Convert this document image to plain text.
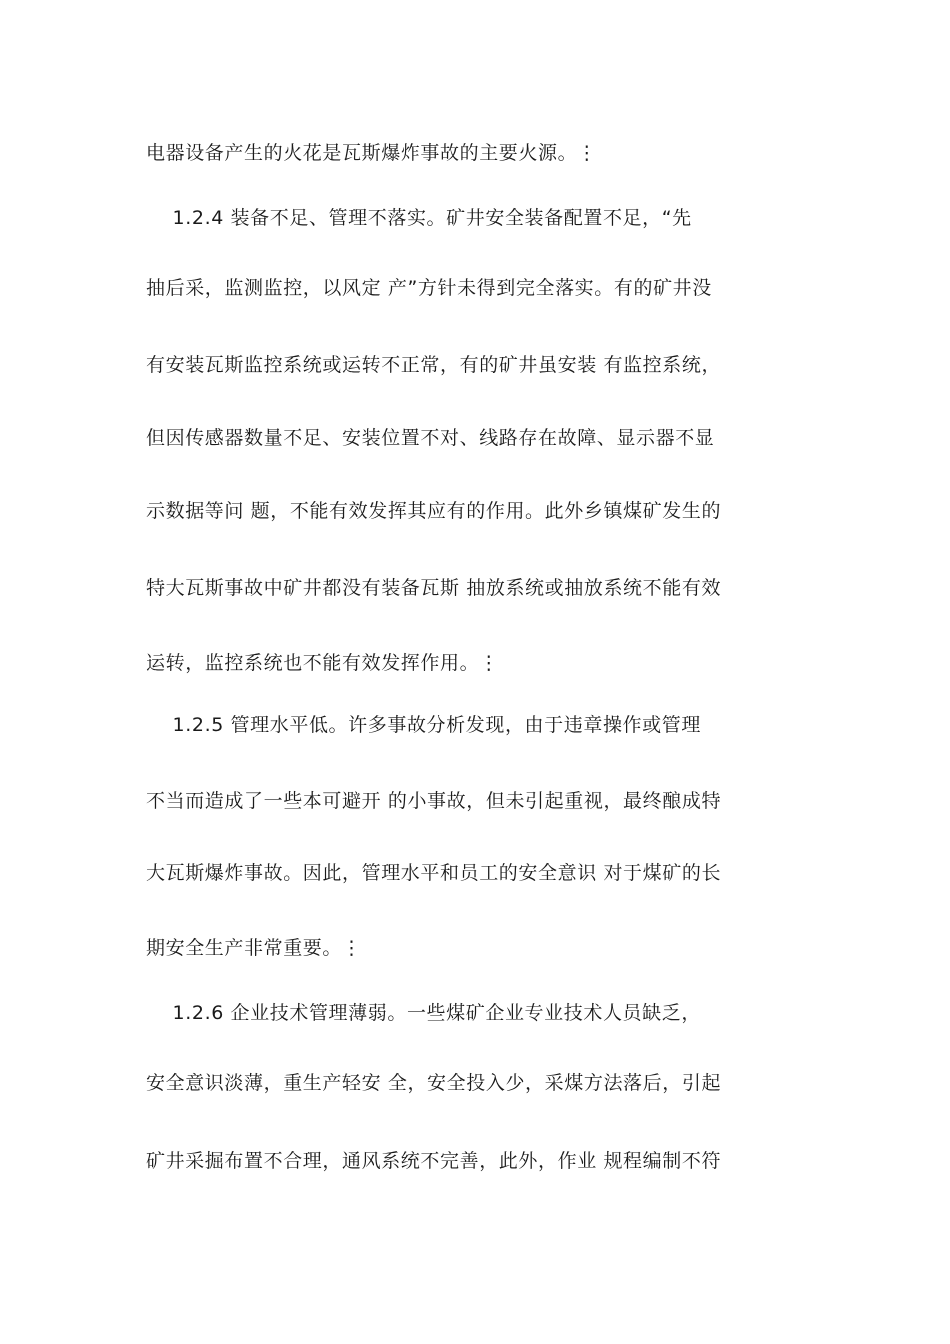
电器设备产生的火花是瓦斯爆炸事故的主要火源。⋮
1.2.4 装备不足、管理不落实。矿井安全装备配置不足，“先
抽后采，监测监控，以风定 产”方针未得到完全落实。有的矿井没
有安装瓦斯监控系统或运转不正常，有的矿井虽安装 有监控系统，
但因传感器数量不足、安装位置不对、线路存在故障、显示器不显
示数据等问 题，不能有效发挥其应有的作用。此外乡镇煤矿发生的
特大瓦斯事故中矿井都没有装备瓦斯 抽放系统或抽放系统不能有效
运转，监控系统也不能有效发挥作用。⋮
1.2.5 管理水平低。许多事故分析发现，由于违章操作或管理
不当而造成了一些本可避开 的小事故，但未引起重视，最终酿成特
大瓦斯爆炸事故。因此，管理水平和员工的安全意识 对于煤矿的长
期安全生产非常重要。⋮
1.2.6 企业技术管理薄弱。一些煤矿企业专业技术人员缺乏，
安全意识淡薄，重生产轻安 全，安全投入少，采煤方法落后，引起
矿井采掘布置不合理，通风系统不完善，此外，作业 规程编制不符
